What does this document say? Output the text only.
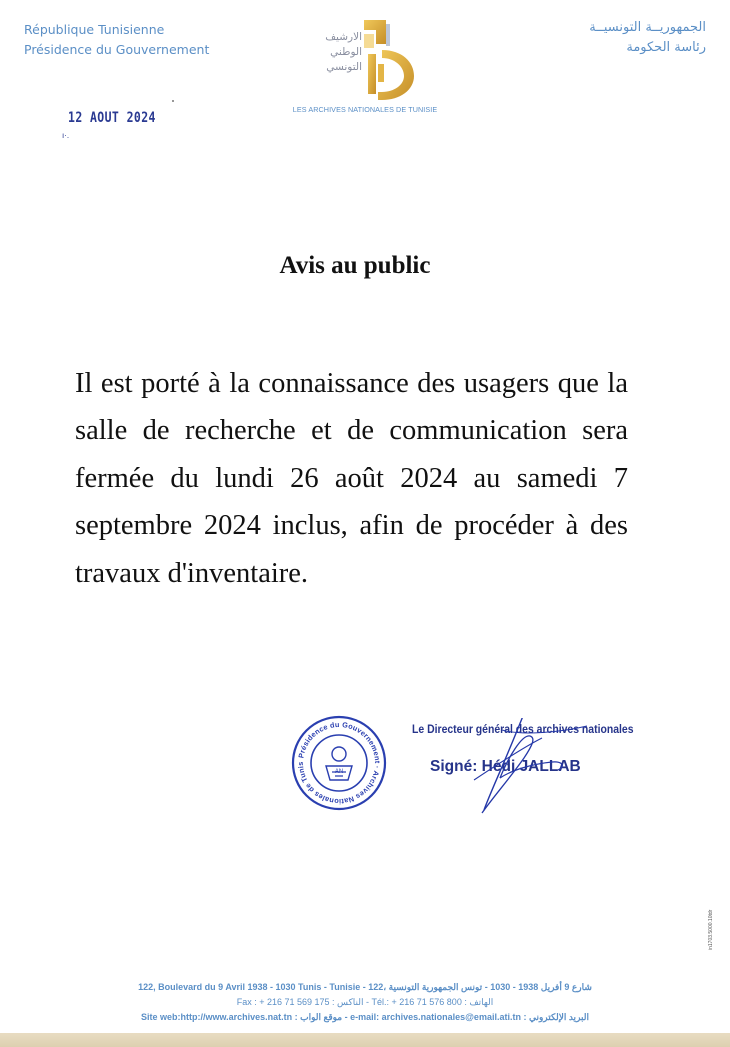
République Tunisienne
Présidence du Gouvernement
الارشيف
الوطني
التونسي
LES ARCHIVES NATIONALES DE TUNISIE
الجمهوريــة التونسيــة
رئاسة الحكومة
12 AOUT 2024
ı·.
Avis au public
Il est porté à la connaissance des usagers que la salle de recherche et de communication sera fermée du lundi 26 août 2024 au samedi 7 septembre 2024 inclus, afin de procéder à des travaux d'inventaire.
Présidence du Gouvernement · Archives Nationales de Tunis
AN
Le Directeur général des archives nationales
Signé: Hédi JALLAB
in1703.5000.10tdr
122, Boulevard du 9 Avril 1938 - 1030 Tunis - Tunisie - 122، شارع 9 أفريل 1938 - 1030 - تونس الجمهورية التونسية
Fax : + 216 71 569 175 : الناكس - Tél.: + 216 71 576 800 : الهاتف
Site web:http://www.archives.nat.tn : موقع الواب - e-mail: archives.nationales@email.ati.tn : البريد الإلكتروني
